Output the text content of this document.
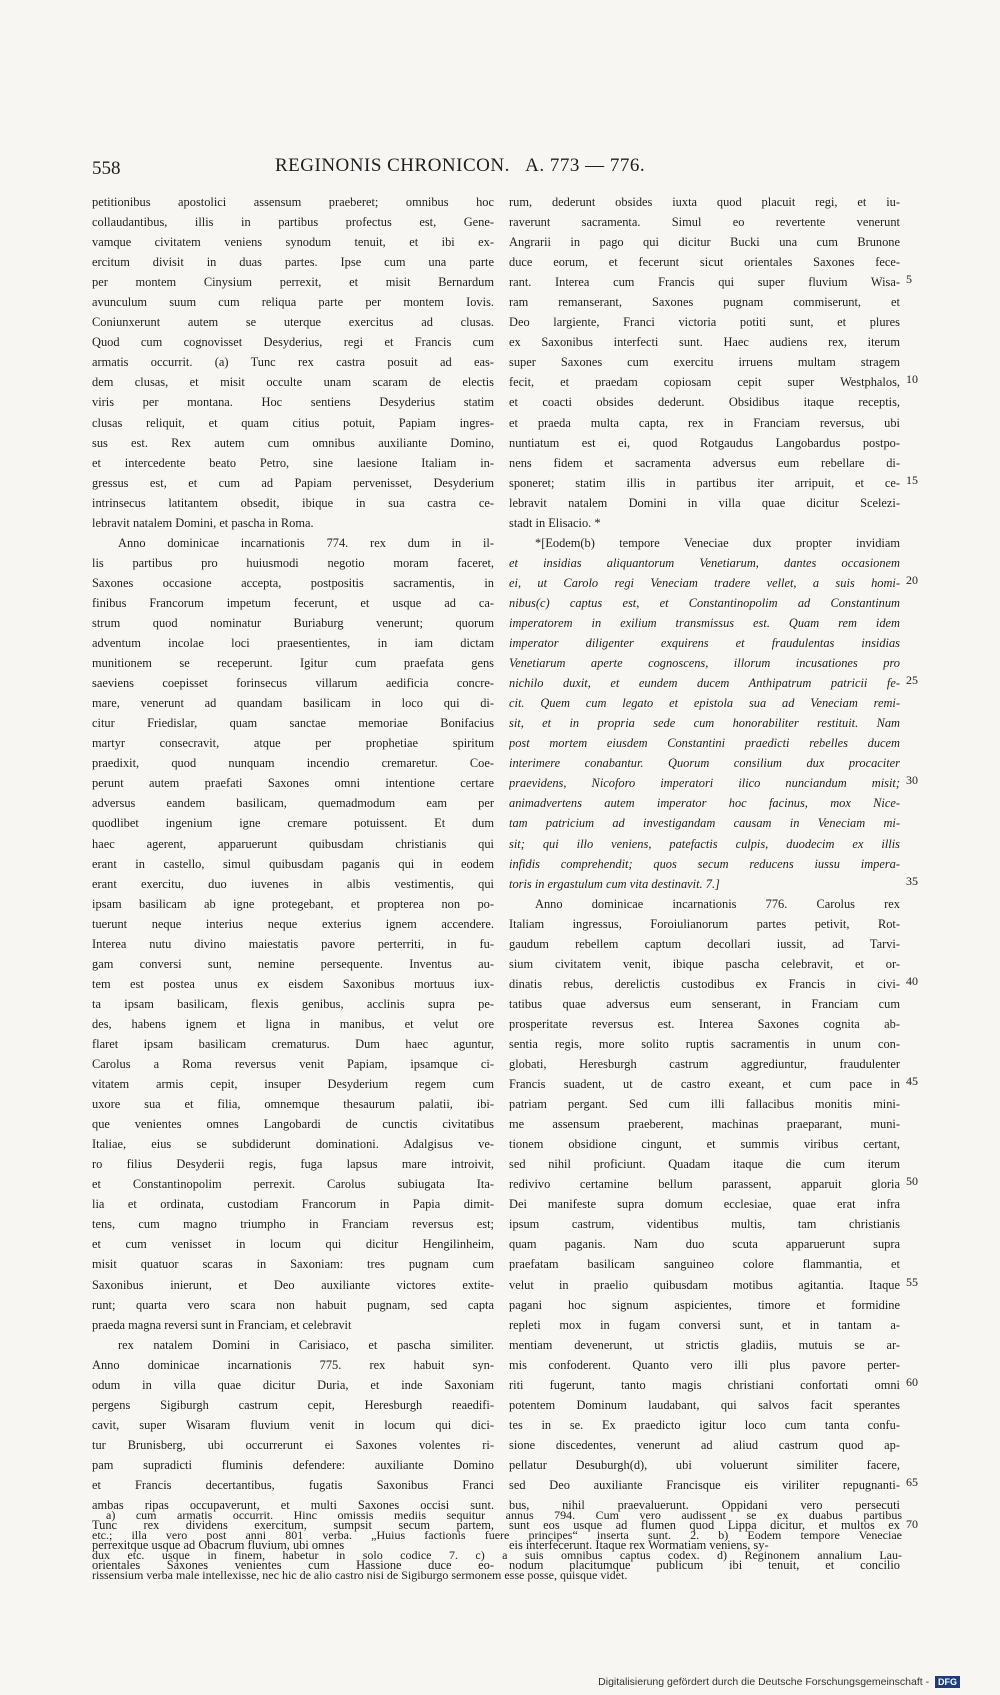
558	REGINONIS CHRONICON. A. 773 — 776.
petitionibus apostolici assensum praeberet; omnibus hoc
collaudantibus, illis in partibus profectus est, Gene-
vamque civitatem veniens synodum tenuit, et ibi ex-
ercitum divisit in duas partes. Ipse cum una parte
per montem Cinysium perrexit, et misit Bernardum
avunculum suum cum reliqua parte per montem Iovis.
Coniunxerunt autem se uterque exercitus ad clusas.
Quod cum cognovisset Desyderius, regi et Francis cum
armatis occurrit. (a) Tunc rex castra posuit ad eas-
dem clusas, et misit occulte unam scaram de electis
viris per montana. Hoc sentiens Desyderius statim
clusas reliquit, et quam citius potuit, Papiam ingres-
sus est. Rex autem cum omnibus auxiliante Domino,
et intercedente beato Petro, sine laesione Italiam in-
gressus est, et cum ad Papiam pervenisset, Desyderium
intrinsecus latitantem obsedit, ibique in sua castra ce-
lebravit natalem Domini, et pascha in Roma.
Anno dominicae incarnationis 774. rex dum in il-
lis partibus pro huiusmodi negotio moram faceret,
Saxones occasione accepta, postpositis sacramentis, in
finibus Francorum impetum fecerunt, et usque ad ca-
strum quod nominatur Buriaburg venerunt; quorum
adventum incolae loci praesentientes, in iam dictam
munitionem se receperunt. Igitur cum praefata gens
saeviens coepisset forinsecus villarum aedificia concre-
mare, venerunt ad quandam basilicam in loco qui di-
citur Friedislar, quam sanctae memoriae Bonifacius
martyr consecravit, atque per prophetiae spiritum
praedixit, quod nunquam incendio cremaretur. Coe-
perunt autem praefati Saxones omni intentione certare
adversus eandem basilicam, quemadmodum eam per
quodlibet ingenium igne cremare potuissent. Et dum
haec agerent, apparuerunt quibusdam christianis qui
erant in castello, simul quibusdam paganis qui in eodem
erant exercitu, duo iuvenes in albis vestimentis, qui
ipsam basilicam ab igne protegebant, et propterea non po-
tuerunt neque interius neque exterius ignem accendere.
Interea nutu divino maiestatis pavore perterriti, in fu-
gam conversi sunt, nemine persequente. Inventus au-
tem est postea unus ex eisdem Saxonibus mortuus iux-
ta ipsam basilicam, flexis genibus, acclinis supra pe-
des, habens ignem et ligna in manibus, et velut ore
flaret ipsam basilicam crematurus. Dum haec aguntur,
Carolus a Roma reversus venit Papiam, ipsamque ci-
vitatem armis cepit, insuper Desyderium regem cum
uxore sua et filia, omnemque thesaurum palatii, ibi-
que venientes omnes Langobardi de cunctis civitatibus
Italiae, eius se subdiderunt dominationi. Adalgisus ve-
ro filius Desyderii regis, fuga lapsus mare introivit,
et Constantinopolim perrexit. Carolus subiugata Ita-
lia et ordinata, custodiam Francorum in Papia dimit-
tens, cum magno triumpho in Franciam reversus est;
et cum venisset in locum qui dicitur Hengilinheim,
misit quatuor scaras in Saxoniam: tres pugnam cum
Saxonibus inierunt, et Deo auxiliante victores extite-
runt; quarta vero scara non habuit pugnam, sed capta
praeda magna reversi sunt in Franciam, et celebravit
rex natalem Domini in Carisiaco, et pascha similiter.
Anno dominicae incarnationis 775. rex habuit syn-
odum in villa quae dicitur Duria, et inde Saxoniam
pergens Sigiburgh castrum cepit, Heresburgh reaedifi-
cavit, super Wisaram fluvium venit in locum qui dici-
tur Brunisberg, ubi occurrerunt ei Saxones volentes ri-
pam supradicti fluminis defendere: auxiliante Domino
et Francis decertantibus, fugatis Saxonibus Franci
ambas ripas occupaverunt, et multi Saxones occisi sunt.
Tunc rex dividens exercitum, sumpsit secum partem,
perrexitque usque ad Obacrum fluvium, ubi omnes
orientales Saxones venientes cum Hassione duce eo-
rum, dederunt obsides iuxta quod placuit regi, et iu-
raverunt sacramenta. Simul eo revertente venerunt
Angrarii in pago qui dicitur Bucki una cum Brunone
duce eorum, et fecerunt sicut orientales Saxones fece-
rant. Interea cum Francis qui super fluvium Wisa-
ram remanserant, Saxones pugnam commiserunt, et
Deo largiente, Franci victoria potiti sunt, et plures
ex Saxonibus interfecti sunt. Haec audiens rex, iterum
super Saxones cum exercitu irruens multam stragem
fecit, et praedam copiosam cepit super Westphalos,
et coacti obsides dederunt. Obsidibus itaque receptis,
et praeda multa capta, rex in Franciam reversus, ubi
nuntiatum est ei, quod Rotgaudus Langobardus postpo-
nens fidem et sacramenta adversus eum rebellare di-
sponeret; statim illis in partibus iter arripuit, et ce-
lebravit natalem Domini in villa quae dicitur Scelezi-
stadt in Elisacio. *
*[Eodem(b) tempore Veneciae dux propter invidiam
et insidias aliquantorum Venetiarum, dantes occasionem
ei, ut Carolo regi Veneciam tradere vellet, a suis homi-
nibus(c) captus est, et Constantinopolim ad Constantinum
imperatorem in exilium transmissus est. Quam rem idem
imperator diligenter exquirens et fraudulentas insidias
Venetiarum aperte cognoscens, illorum incusationes pro
nichilo duxit, et eundem ducem Anthipatrum patricii fe-
cit. Quem cum legato et epistola sua ad Veneciam remi-
sit, et in propria sede cum honorabiliter restituit. Nam
post mortem eiusdem Constantini praedicti rebelles ducem
interimere conabantur. Quorum consilium dux procaciter
praevidens, Nicoforo imperatori ilico nunciandum misit;
animadvertens autem imperator hoc facinus, mox Nice-
tam patricium ad investigandam causam in Veneciam mi-
sit; qui illo veniens, patefactis culpis, duodecim ex illis
infidis comprehendit; quos secum reducens iussu impera-
toris in ergastulum cum vita destinavit. 7.]
Anno dominicae incarnationis 776. Carolus rex
Italiam ingressus, Foroiulianorum partes petivit, Rot-
gaudum rebellem captum decollari iussit, ad Tarvi-
sium civitatem venit, ibique pascha celebravit, et or-
dinatis rebus, derelictis custodibus ex Francis in civi-
tatibus quae adversus eum senserant, in Franciam cum
prosperitate reversus est. Interea Saxones cognita ab-
sentia regis, more solito ruptis sacramentis in unum con-
globati, Heresburgh castrum aggrediuntur, fraudulenter
Francis suadent, ut de castro exeant, et cum pace in
patriam pergant. Sed cum illi fallacibus monitis mini-
me assensum praeberent, machinas praeparant, muni-
tionem obsidione cingunt, et summis viribus certant,
sed nihil proficiunt. Quadam itaque die cum iterum
redivivo certamine bellum parassent, apparuit gloria
Dei manifeste supra domum ecclesiae, quae erat infra
ipsum castrum, videntibus multis, tam christianis
quam paganis. Nam duo scuta apparuerunt supra
praefatam basilicam sanguineo colore flammantia, et
velut in praelio quibusdam motibus agitantia. Itaque
pagani hoc signum aspicientes, timore et formidine
repleti mox in fugam conversi sunt, et in tantam a-
mentiam devenerunt, ut strictis gladiis, mutuis se ar-
mis confoderent. Quanto vero illi plus pavore perter-
riti fugerunt, tanto magis christiani confortati omni
potentem Dominum laudabant, qui salvos facit sperantes
tes in se. Ex praedicto igitur loco cum tanta confu-
sione discedentes, venerunt ad aliud castrum quod ap-
pellatur Desuburgh(d), ubi voluerunt similiter facere,
sed Deo auxiliante Francisque eis viriliter repugnanti-
bus, nihil praevaluerunt. Oppidani vero persecuti
sunt eos usque ad flumen quod Lippa dicitur, et multos ex
eis interfecerunt. Itaque rex Wormatiam veniens, sy-
nodum placitumque publicum ibi tenuit, et concilio
5
10
15
20
25
30
35
40
45
50
55
60
65
a) cum armatis occurrit. Hinc omissis mediis sequitur annus 794. Cum vero audissent se ex duabus partibus
etc.; illa vero post anni 801 verba. „Huius factionis fuere principes“ inserta sunt. 2. b) Eodem tempore Veneciae
dux etc. usque in finem, habetur in solo codice 7. c) a suis omnibus captus codex. d) Reginonem annalium Lau-
rissensium verba male intellexisse, nec hic de alio castro nisi de Sigiburgo sermonem esse posse, quisque videt.
70
Digitalisierung gefördert durch die Deutsche Forschungsgemeinschaft - DFG
